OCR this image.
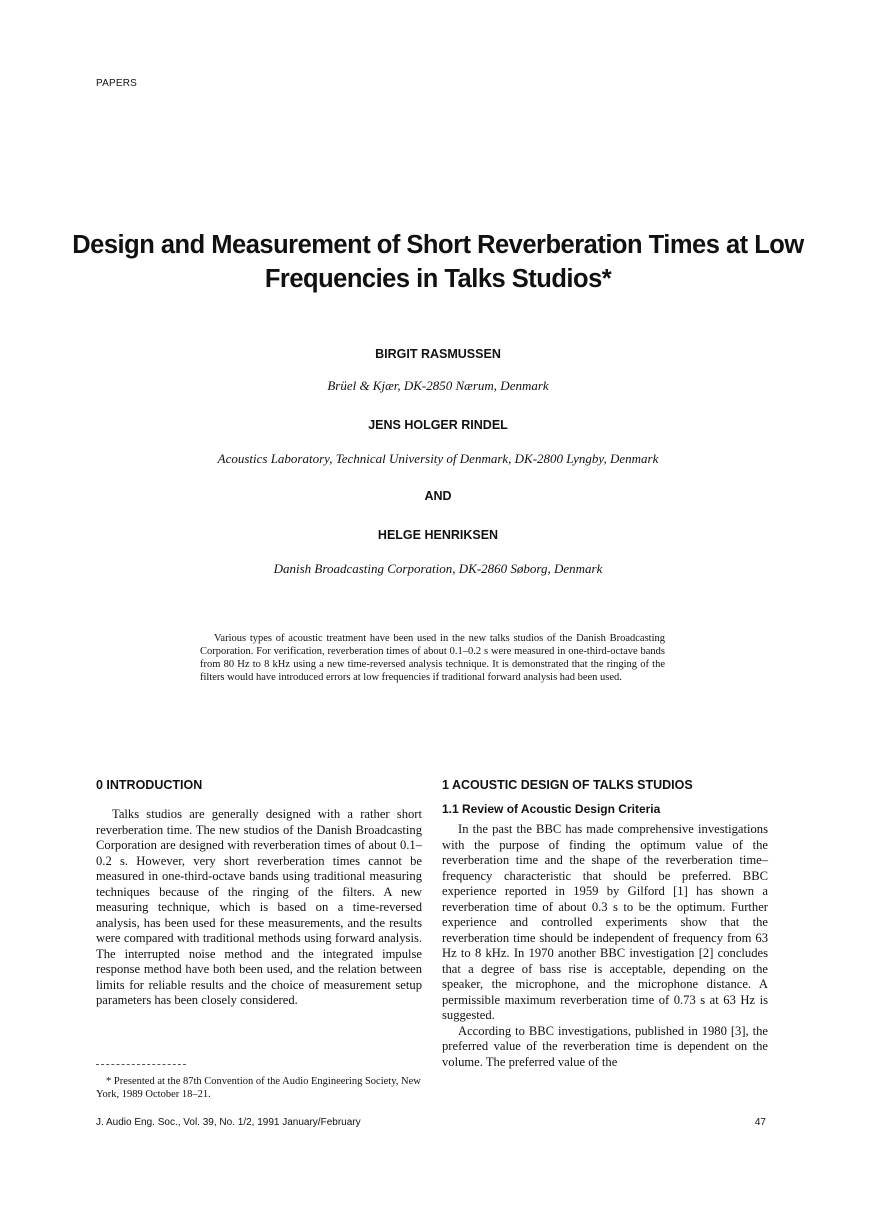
PAPERS
Design and Measurement of Short Reverberation Times at Low Frequencies in Talks Studios*
BIRGIT RASMUSSEN
Brüel & Kjær, DK-2850 Nærum, Denmark
JENS HOLGER RINDEL
Acoustics Laboratory, Technical University of Denmark, DK-2800 Lyngby, Denmark
AND
HELGE HENRIKSEN
Danish Broadcasting Corporation, DK-2860 Søborg, Denmark

Various types of acoustic treatment have been used in the new talks studios of the Danish Broadcasting Corporation. For verification, reverberation times of about 0.1–0.2 s were measured in one-third-octave bands from 80 Hz to 8 kHz using a new time-reversed analysis technique. It is demonstrated that the ringing of the filters would have introduced errors at low frequencies if traditional forward analysis had been used.

0 INTRODUCTION

Talks studios are generally designed with a rather short reverberation time. The new studios of the Danish Broadcasting Corporation are designed with reverberation times of about 0.1–0.2 s. However, very short reverberation times cannot be measured in one-third-octave bands using traditional measuring techniques because of the ringing of the filters. A new measuring technique, which is based on a time-reversed analysis, has been used for these measurements, and the results were compared with traditional methods using forward analysis. The interrupted noise method and the integrated impulse response method have both been used, and the relation between limits for reliable results and the choice of measurement setup parameters has been closely considered.

* Presented at the 87th Convention of the Audio Engineering Society, New York, 1989 October 18–21.

1 ACOUSTIC DESIGN OF TALKS STUDIOS
1.1 Review of Acoustic Design Criteria

In the past the BBC has made comprehensive investigations with the purpose of finding the optimum value of the reverberation time and the shape of the reverberation time–frequency characteristic that should be preferred. BBC experience reported in 1959 by Gilford [1] has shown a reverberation time of about 0.3 s to be the optimum. Further experience and controlled experiments show that the reverberation time should be independent of frequency from 63 Hz to 8 kHz. In 1970 another BBC investigation [2] concludes that a degree of bass rise is acceptable, depending on the speaker, the microphone, and the microphone distance. A permissible maximum reverberation time of 0.73 s at 63 Hz is suggested.

According to BBC investigations, published in 1980 [3], the preferred value of the reverberation time is dependent on the volume. The preferred value of the

J. Audio Eng. Soc., Vol. 39, No. 1/2, 1991 January/February	47
